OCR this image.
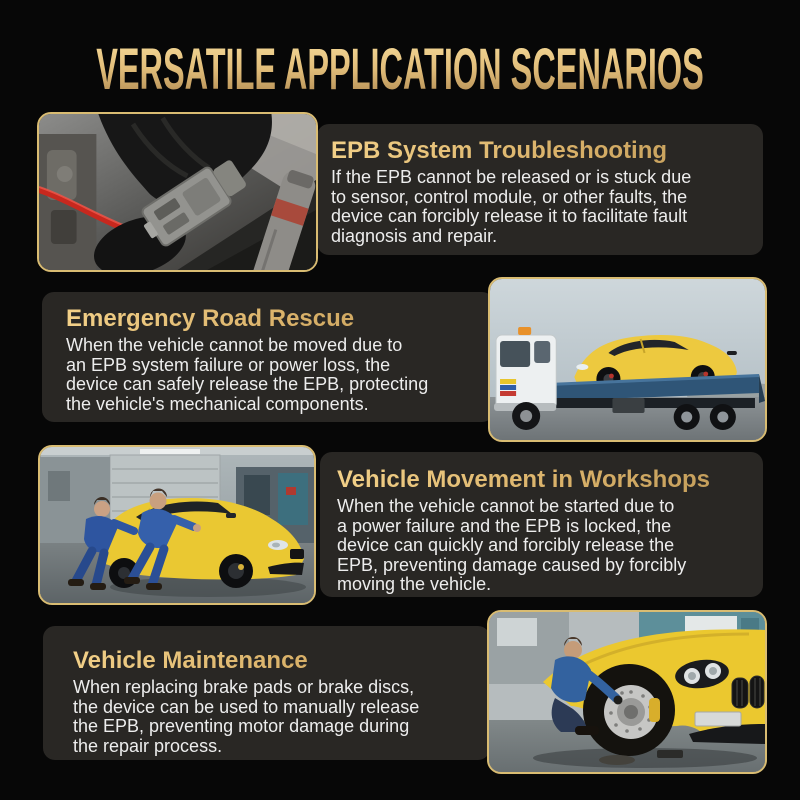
VERSATILE APPLICATION SCENARIOS
EPB System Troubleshooting
If the EPB cannot be released or is stuck due
to sensor, control module, or other faults, the
device can forcibly release it to facilitate fault
diagnosis and repair.
Emergency Road Rescue
When the vehicle cannot be moved due to
an EPB system failure or power loss, the
device can safely release the EPB, protecting
the vehicle's mechanical components.
Vehicle Movement in Workshops
When the vehicle cannot be started due to
a power failure and the EPB is locked, the
device can quickly and forcibly release the
EPB, preventing damage caused by forcibly
moving the vehicle.
Vehicle Maintenance
When replacing brake pads or brake discs,
the device can be used to manually release
the EPB, preventing motor damage during
the repair process.
